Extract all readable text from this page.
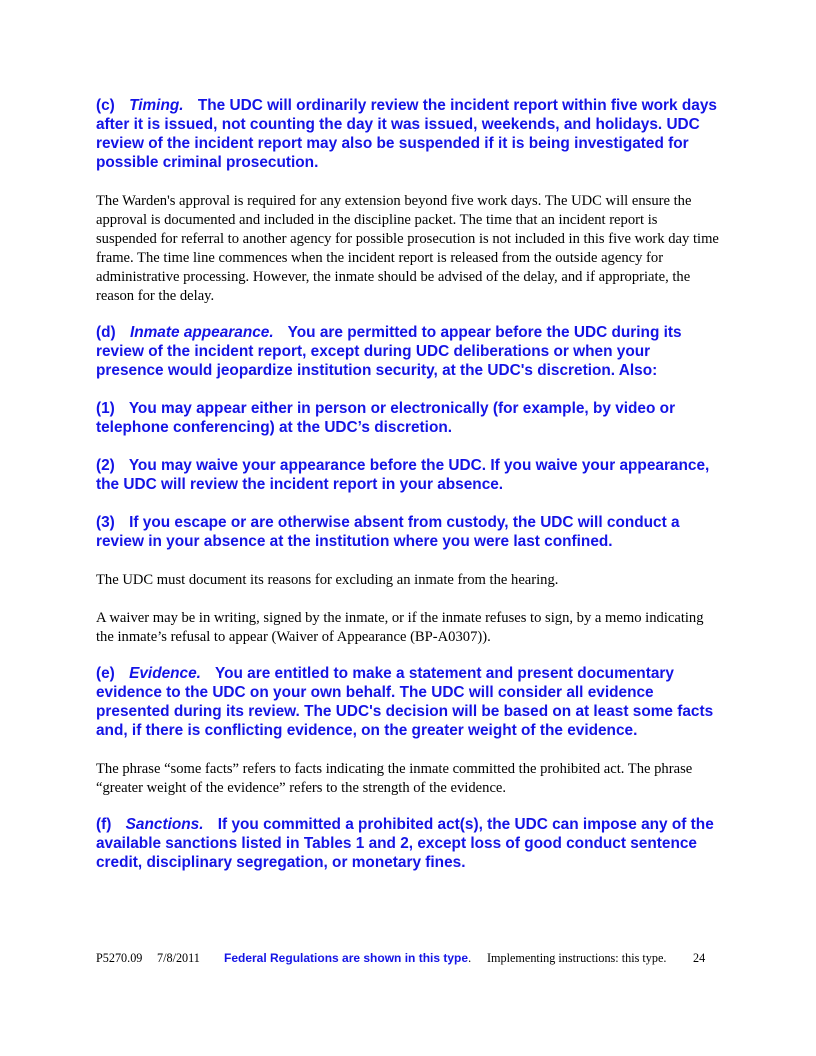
(c) Timing. The UDC will ordinarily review the incident report within five work days after it is issued, not counting the day it was issued, weekends, and holidays. UDC review of the incident report may also be suspended if it is being investigated for possible criminal prosecution.

The Warden's approval is required for any extension beyond five work days. The UDC will ensure the approval is documented and included in the discipline packet. The time that an incident report is suspended for referral to another agency for possible prosecution is not included in this five work day time frame. The time line commences when the incident report is released from the outside agency for administrative processing. However, the inmate should be advised of the delay, and if appropriate, the reason for the delay.

(d) Inmate appearance. You are permitted to appear before the UDC during its review of the incident report, except during UDC deliberations or when your presence would jeopardize institution security, at the UDC's discretion. Also:

(1) You may appear either in person or electronically (for example, by video or telephone conferencing) at the UDC’s discretion.

(2) You may waive your appearance before the UDC. If you waive your appearance, the UDC will review the incident report in your absence.

(3) If you escape or are otherwise absent from custody, the UDC will conduct a review in your absence at the institution where you were last confined.

The UDC must document its reasons for excluding an inmate from the hearing.

A waiver may be in writing, signed by the inmate, or if the inmate refuses to sign, by a memo indicating the inmate’s refusal to appear (Waiver of Appearance (BP-A0307)).

(e) Evidence. You are entitled to make a statement and present documentary evidence to the UDC on your own behalf. The UDC will consider all evidence presented during its review. The UDC's decision will be based on at least some facts and, if there is conflicting evidence, on the greater weight of the evidence.

The phrase “some facts” refers to facts indicating the inmate committed the prohibited act. The phrase “greater weight of the evidence” refers to the strength of the evidence.

(f) Sanctions. If you committed a prohibited act(s), the UDC can impose any of the available sanctions listed in Tables 1 and 2, except loss of good conduct sentence credit, disciplinary segregation, or monetary fines.

P5270.09 7/8/2011 Federal Regulations are shown in this type. Implementing instructions: this type. 24
